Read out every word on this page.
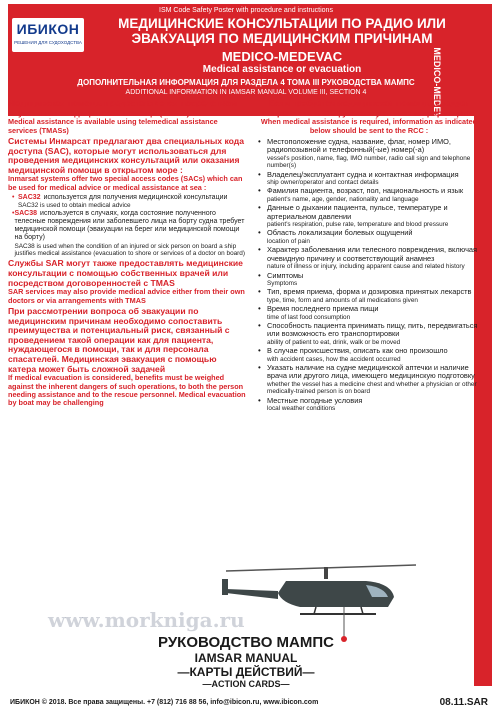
ISM Code Safety Poster with procedure and instructions
ИБИКОН
РЕШЕНИЯ ДЛЯ СУДОХОДСТВА
МЕДИЦИНСКИЕ КОНСУЛЬТАЦИИ ПО РАДИО ИЛИ
ЭВАКУАЦИЯ ПО МЕДИЦИНСКИМ ПРИЧИНАМ
MEDICO-MEDEVAC
Medical assistance or evacuation
ДОПОЛНИТЕЛЬНАЯ ИНФОРМАЦИЯ ДЛЯ РАЗДЕЛА 4 ТОМА III РУКОВОДСТВА МАМПС
ADDITIONAL INFORMATION IN IAMSAR MANUAL VOLUME III, SECTION 4	MEDICO-MEDEVAC
Медицинская помощь предоставляется посредством службы телемедицинской помощи (TMAS)
Medical assistance is available using telemedical assistance services (TMASs)
Системы Инмарсат предлагают два специальных кода доступа (SAC), которые могут использоваться для проведения медицинских консультаций или оказания медицинской помощи в открытом море :
Inmarsat systems offer two special access codes (SACs) which can be used for medical advice or medical assistance at sea :
• SAC32 используется для получения медицинской консультации
SAC32 is used to obtain medical advice
• SAC38 используется в случаях, когда состояние полученного телесные повреждения или заболевшего лица на борту судна требует медицинской помощи (эвакуации на берег или медицинской помощи на борту)
SAC38 is used when the condition of an injured or sick person on board a ship justifies medical assistance (evacuation to shore or services of a doctor on board)
Службы SAR могут также предоставлять медицинские консультации с помощью собственных врачей или посредством договоренностей с TMAS
SAR services may also provide medical advice either from their own doctors or via arrangements with TMAS
При рассмотрении вопроса об эвакуации по медицинским причинам необходимо сопоставить преимущества и потенциальный риск, связанный с проведением такой операции как для пациента, нуждающегося в помощи, так и для персонала спасателей. Медицинская эвакуация с помощью катера может быть сложной задачей
If medical evacuation is considered, benefits must be weighed against the inherent dangers of such operations, to both the person needing assistance and to the rescue personnel. Medical evacuation by boat may be challenging
Если требуется медицинская помощь, следует направлять в СКЦ указанную ниже информацию :
When medical assistance is required, information as indicated below should be sent to the RCC :
• Местоположение судна, название, флаг, номер ИМО, радиопозывной и телефонный(-ые) номер(-а)
vessel's position, name, flag, IMO number, radio call sign and telephone number(s)
• Владелец/эксплуатант судна и контактная информация
ship owner/operator and contact details
• Фамилия пациента, возраст, пол, национальность и язык
patient's name, age, gender, nationality and language
• Данные о дыхании пациента, пульсе, температуре и артериальном давлении
patient's respiration, pulse rate, temperature and blood pressure
• Область локализации болевых ощущений
location of pain
• Характер заболевания или телесного повреждения, включая очевидную причину и соответствующий анамнез
nature of illness or injury, including apparent cause and related history
• Симптомы
Symptoms
• Тип, время приема, форма и дозировка принятых лекарств
type, time, form and amounts of all medications given
• Время последнего приема пищи
time of last food consumption
• Способность пациента принимать пищу, пить, передвигаться или возможность его транспортировки
ability of patient to eat, drink, walk or be moved
• В случае происшествия, описать как оно произошло
with accident cases, how the accident occurred
• Указать наличие на судне медицинской аптечки и наличие врача или другого лица, имеющего медицинскую подготовку
whether the vessel has a medicine chest and whether a physician or other medically-trained person is on board
• Местные погодные условия
local weather conditions
www.morkniga.ru
РУКОВОДСТВО МАМПС
IAMSAR MANUAL
—КАРТЫ ДЕЙСТВИЙ—
—ACTION CARDS—
ИБИКОН © 2018. Все права защищены. +7 (812) 716 88 56, info@ibicon.ru, www.ibicon.com	08.11.SAR
